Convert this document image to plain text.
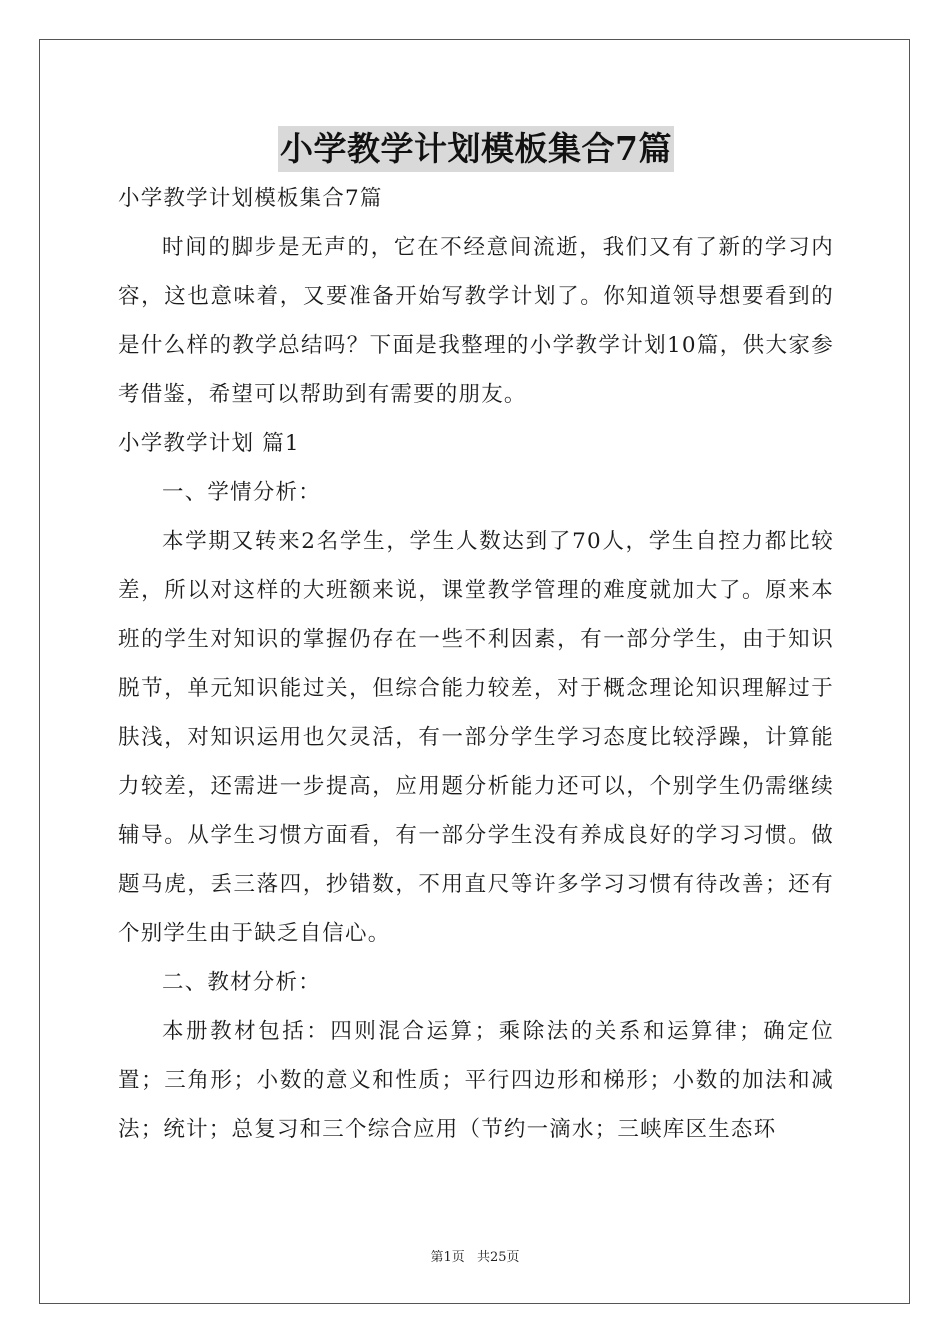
小学教学计划模板集合7篇

小学教学计划模板集合7篇

时间的脚步是无声的，它在不经意间流逝，我们又有了新的学习内容，这也意味着，又要准备开始写教学计划了。你知道领导想要看到的是什么样的教学总结吗？下面是我整理的小学教学计划10篇，供大家参考借鉴，希望可以帮助到有需要的朋友。

小学教学计划 篇1

一、学情分析：

本学期又转来2名学生，学生人数达到了70人，学生自控力都比较差，所以对这样的大班额来说，课堂教学管理的难度就加大了。原来本班的学生对知识的掌握仍存在一些不利因素，有一部分学生，由于知识脱节，单元知识能过关，但综合能力较差，对于概念理论知识理解过于肤浅，对知识运用也欠灵活，有一部分学生学习态度比较浮躁，计算能力较差，还需进一步提高，应用题分析能力还可以，个别学生仍需继续辅导。从学生习惯方面看，有一部分学生没有养成良好的学习习惯。做题马虎，丢三落四，抄错数，不用直尺等许多学习习惯有待改善；还有个别学生由于缺乏自信心。

二、教材分析：

本册教材包括：四则混合运算；乘除法的关系和运算律；确定位置；三角形；小数的意义和性质；平行四边形和梯形；小数的加法和减法；统计；总复习和三个综合应用（节约一滴水；三峡库区生态环

第1页 共25页
